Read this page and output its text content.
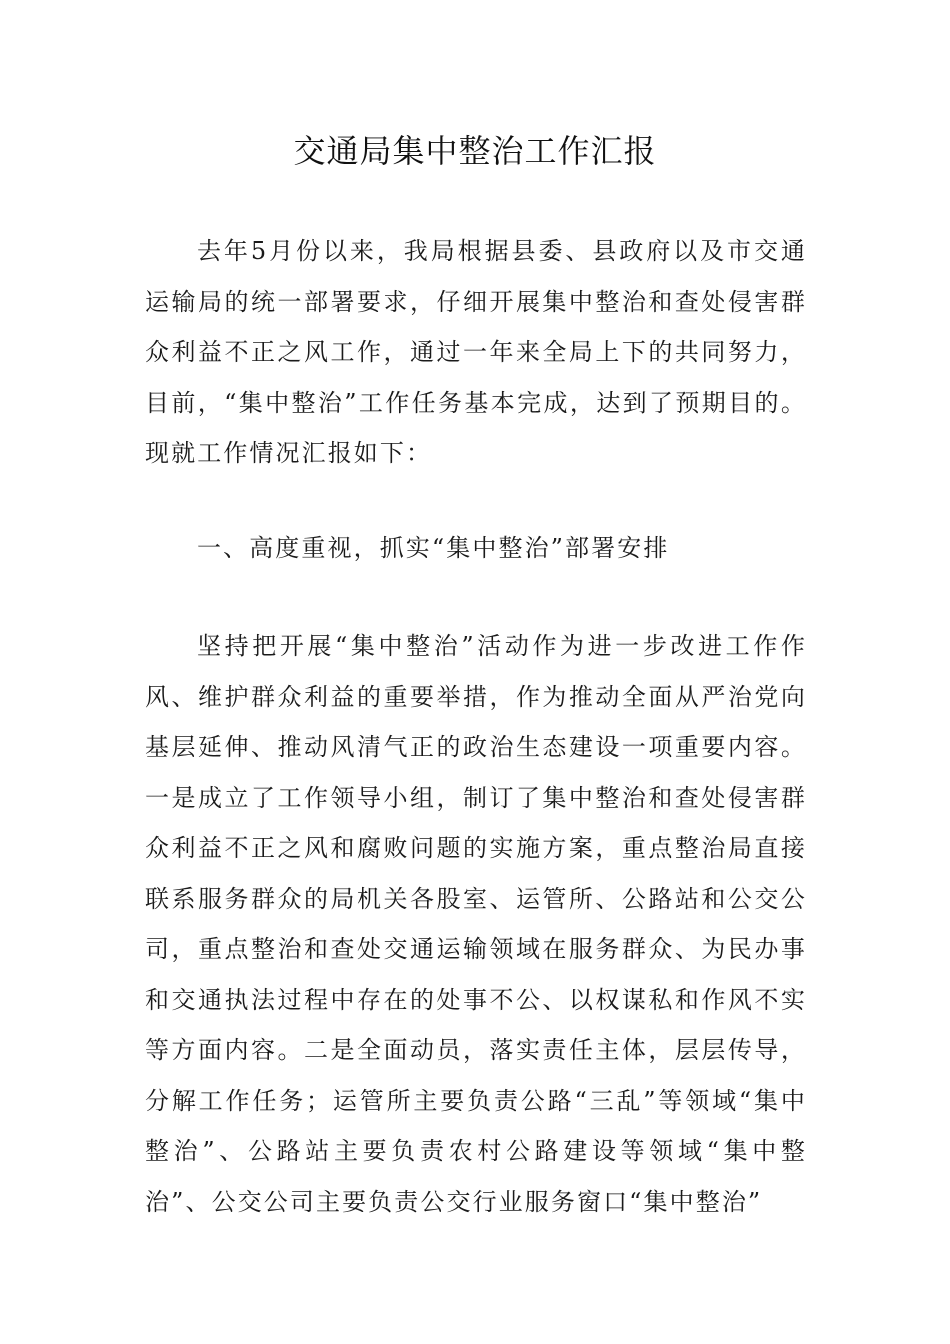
交通局集中整治工作汇报

去年5月份以来，我局根据县委、县政府以及市交通运输局的统一部署要求，仔细开展集中整治和查处侵害群众利益不正之风工作，通过一年来全局上下的共同努力，目前，“集中整治”工作任务基本完成，达到了预期目的。现就工作情况汇报如下：

一、高度重视，抓实“集中整治”部署安排

坚持把开展“集中整治”活动作为进一步改进工作作风、维护群众利益的重要举措，作为推动全面从严治党向基层延伸、推动风清气正的政治生态建设一项重要内容。一是成立了工作领导小组，制订了集中整治和查处侵害群众利益不正之风和腐败问题的实施方案，重点整治局直接联系服务群众的局机关各股室、运管所、公路站和公交公司，重点整治和查处交通运输领域在服务群众、为民办事和交通执法过程中存在的处事不公、以权谋私和作风不实等方面内容。二是全面动员，落实责任主体，层层传导，分解工作任务；运管所主要负责公路“三乱”等领域“集中整治”、公路站主要负责农村公路建设等领域“集中整治”、公交公司主要负责公交行业服务窗口“集中整治”
